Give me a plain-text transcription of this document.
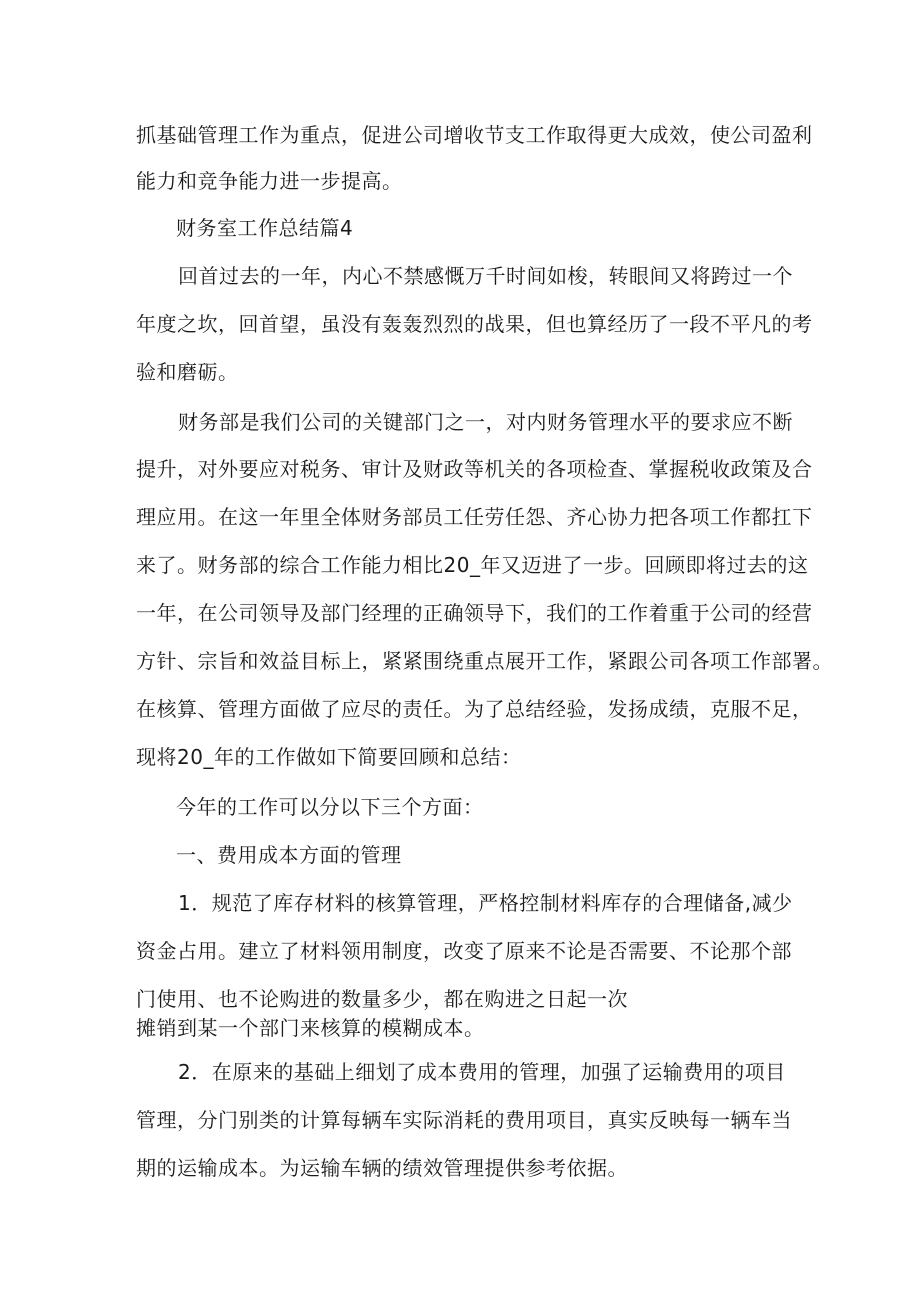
抓基础管理工作为重点，促进公司增收节支工作取得更大成效，使公司盈利
能力和竞争能力进一步提高。
财务室工作总结篇4
回首过去的一年，内心不禁感慨万千时间如梭，转眼间又将跨过一个
年度之坎，回首望，虽没有轰轰烈烈的战果，但也算经历了一段不平凡的考
验和磨砺。
财务部是我们公司的关键部门之一，对内财务管理水平的要求应不断
提升，对外要应对税务、审计及财政等机关的各项检查、掌握税收政策及合
理应用。在这一年里全体财务部员工任劳任怨、齐心协力把各项工作都扛下
来了。财务部的综合工作能力相比20_年又迈进了一步。回顾即将过去的这
一年，在公司领导及部门经理的正确领导下，我们的工作着重于公司的经营
方针、宗旨和效益目标上，紧紧围绕重点展开工作，紧跟公司各项工作部署。
在核算、管理方面做了应尽的责任。为了总结经验，发扬成绩，克服不足，
现将20_年的工作做如下简要回顾和总结：
今年的工作可以分以下三个方面：
一、费用成本方面的管理
1．规范了库存材料的核算管理，严格控制材料库存的合理储备,减少
资金占用。建立了材料领用制度，改变了原来不论是否需要、不论那个部
门使用、也不论购进的数量多少，都在购进之日起一次
摊销到某一个部门来核算的模糊成本。
2．在原来的基础上细划了成本费用的管理，加强了运输费用的项目
管理，分门别类的计算每辆车实际消耗的费用项目，真实反映每一辆车当
期的运输成本。为运输车辆的绩效管理提供参考依据。
